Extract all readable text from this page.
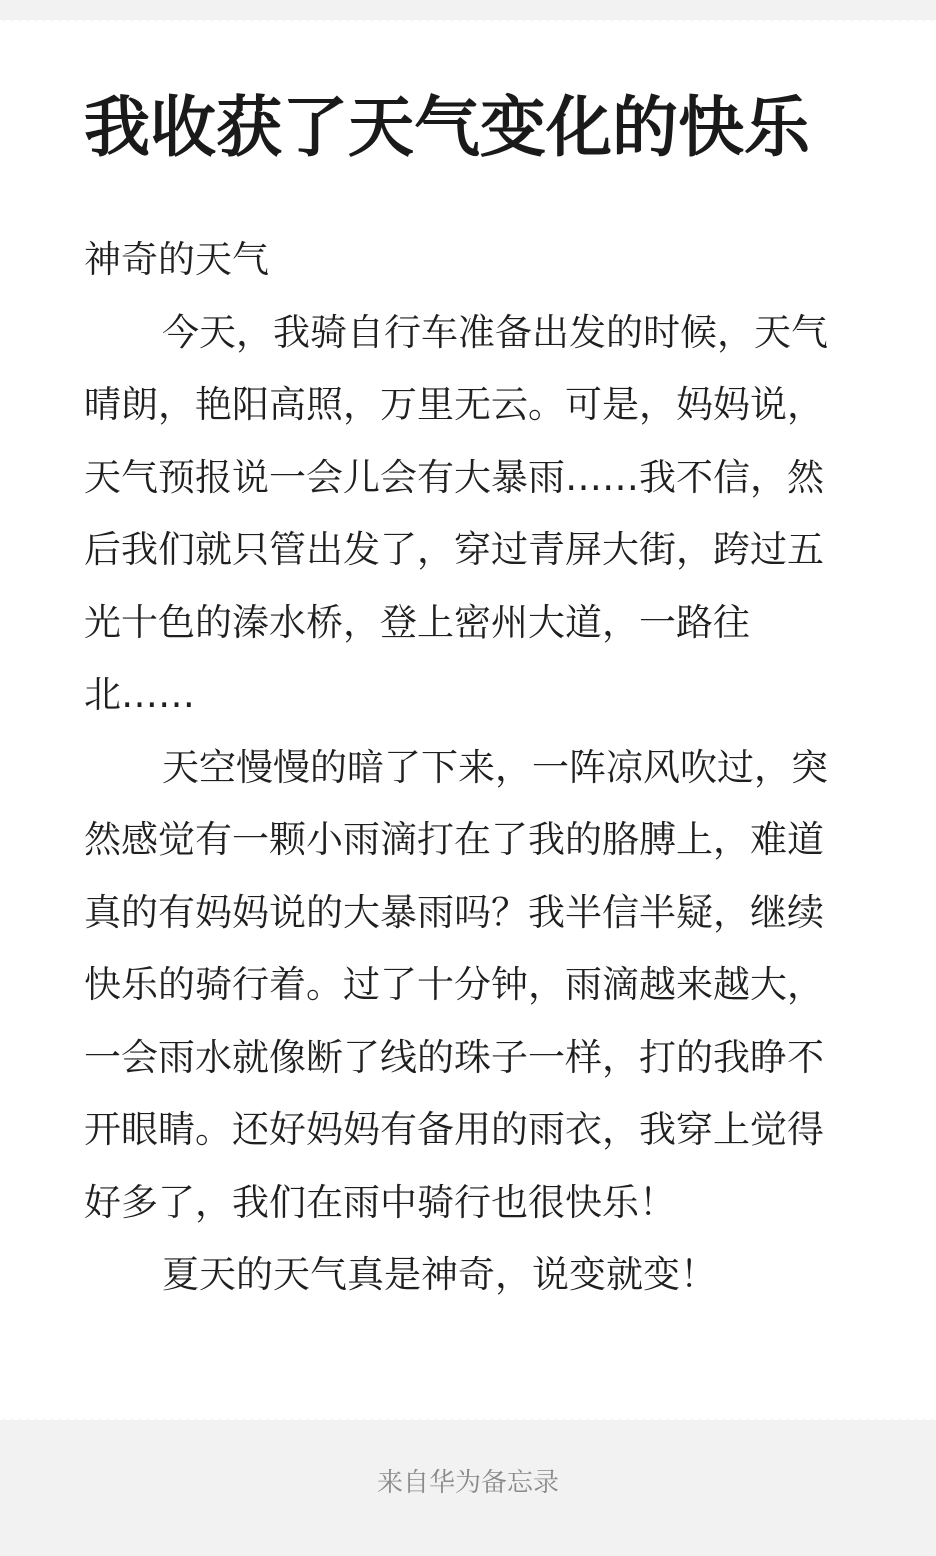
我收获了天气变化的快乐

神奇的天气

今天，我骑自行车准备出发的时候，天气晴朗，艳阳高照，万里无云。可是，妈妈说，天气预报说一会儿会有大暴雨……我不信，然后我们就只管出发了，穿过青屏大街，跨过五光十色的溱水桥，登上密州大道，一路往北……

天空慢慢的暗了下来，一阵凉风吹过，突然感觉有一颗小雨滴打在了我的胳膊上，难道真的有妈妈说的大暴雨吗？我半信半疑，继续快乐的骑行着。过了十分钟，雨滴越来越大，一会雨水就像断了线的珠子一样，打的我睁不开眼睛。还好妈妈有备用的雨衣，我穿上觉得好多了，我们在雨中骑行也很快乐！

夏天的天气真是神奇，说变就变！

来自华为备忘录
